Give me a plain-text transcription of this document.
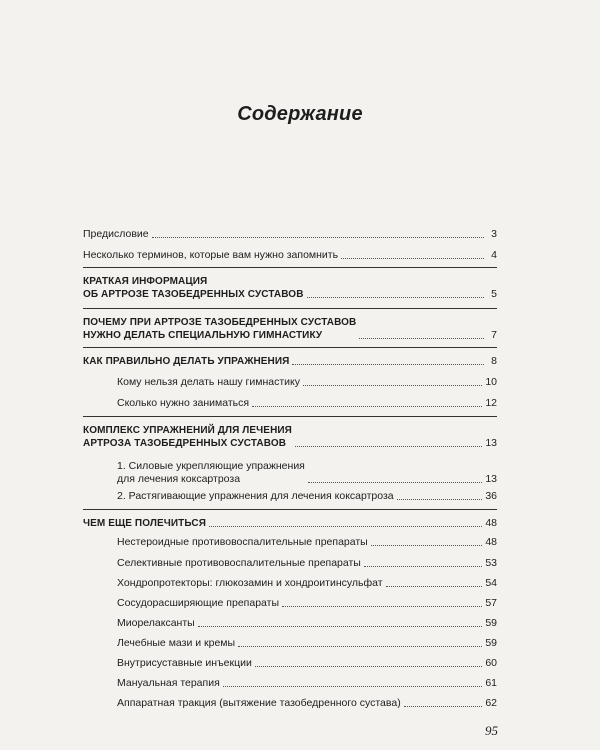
Содержание
Предисловие	3
Несколько терминов, которые вам нужно запомнить	4
КРАТКАЯ ИНФОРМАЦИЯ
ОБ АРТРОЗЕ ТАЗОБЕДРЕННЫХ СУСТАВОВ	5
ПОЧЕМУ ПРИ АРТРОЗЕ ТАЗОБЕДРЕННЫХ СУСТАВОВ
НУЖНО ДЕЛАТЬ СПЕЦИАЛЬНУЮ ГИМНАСТИКУ	7
КАК ПРАВИЛЬНО ДЕЛАТЬ УПРАЖНЕНИЯ	8
Кому нельзя делать нашу гимнастику	10
Сколько нужно заниматься	12
КОМПЛЕКС УПРАЖНЕНИЙ ДЛЯ ЛЕЧЕНИЯ
АРТРОЗА ТАЗОБЕДРЕННЫХ СУСТАВОВ	13
1. Силовые укрепляющие упражнения
для лечения коксартроза	13
2. Растягивающие упражнения для лечения коксартроза	36
ЧЕМ ЕЩЕ ПОЛЕЧИТЬСЯ	48
Нестероидные противовоспалительные препараты	48
Селективные противовоспалительные препараты	53
Хондропротекторы: глюкозамин и хондроитинсульфат	54
Сосудорасширяющие препараты	57
Миорелаксанты	59
Лечебные мази и кремы	59
Внутрисуставные инъекции	60
Мануальная терапия	61
Аппаратная тракция (вытяжение тазобедренного сустава)	62
95
